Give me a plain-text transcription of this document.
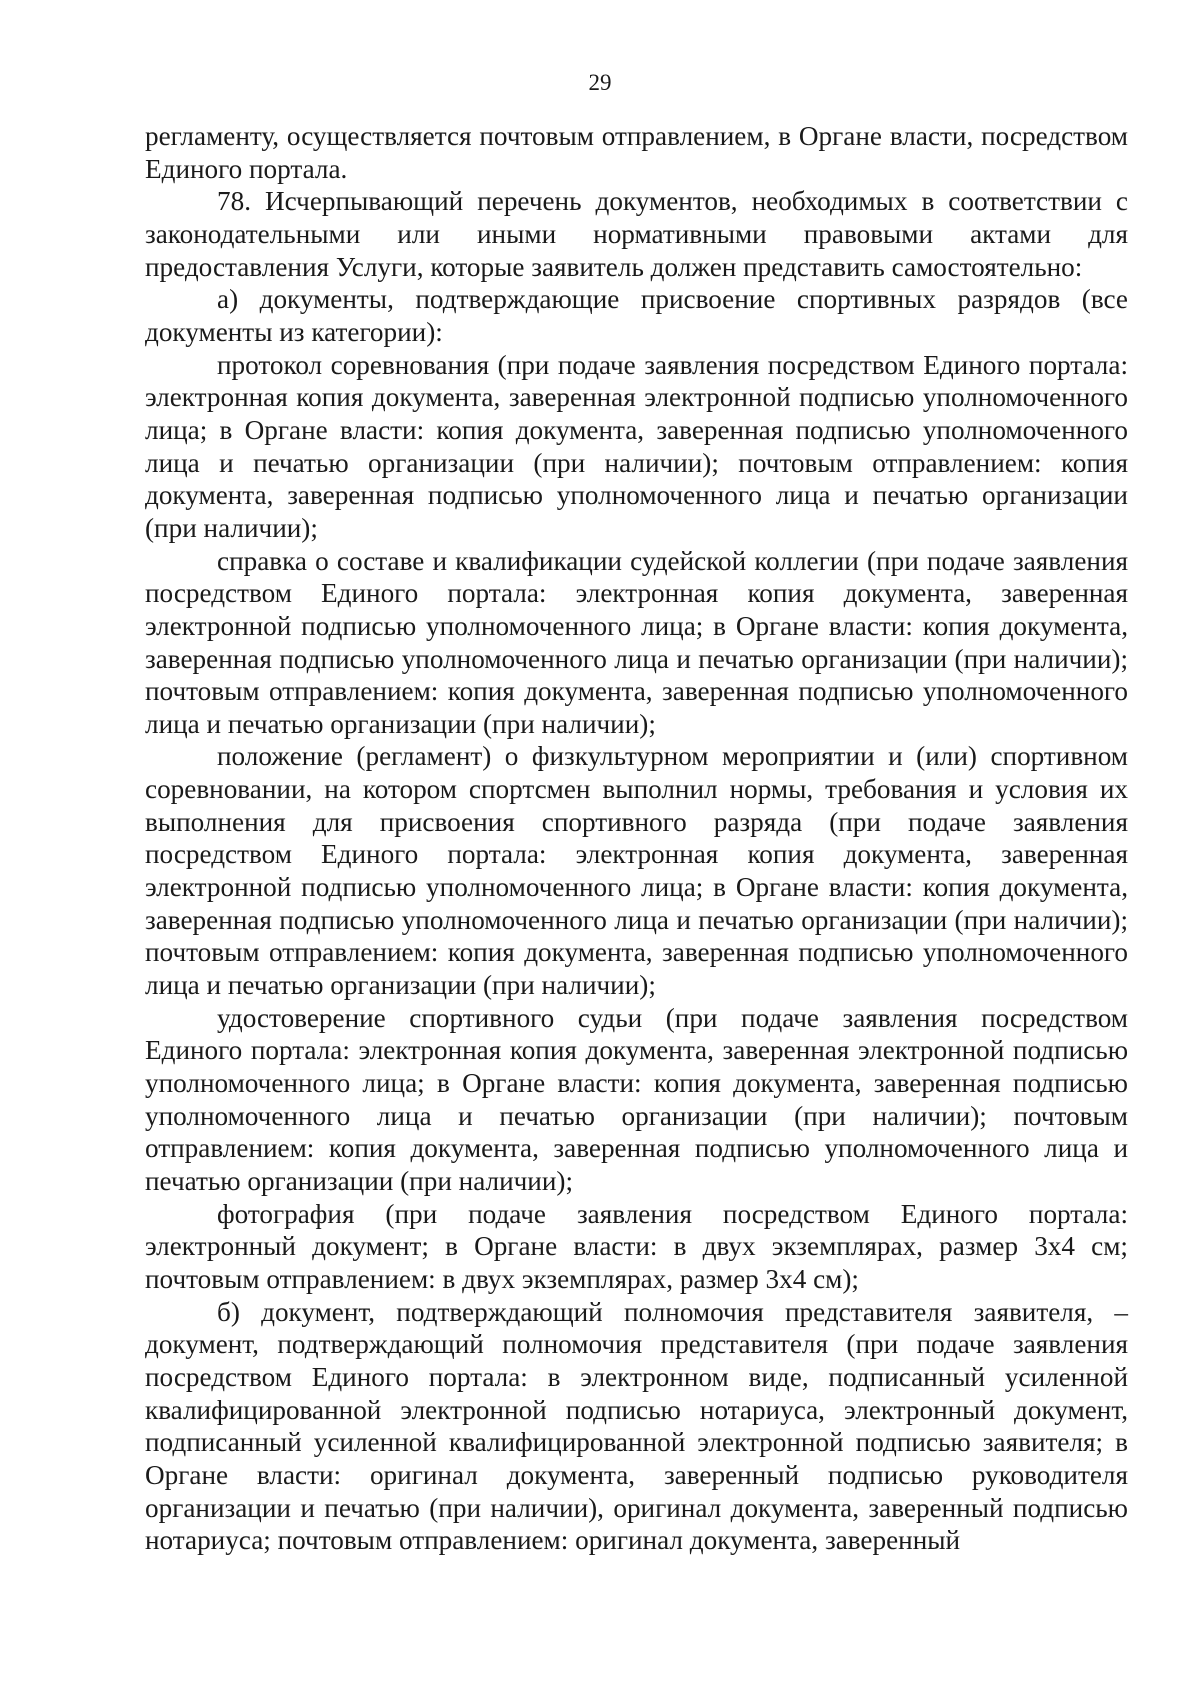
29

регламенту, осуществляется почтовым отправлением, в Органе власти, посредством Единого портала.

78. Исчерпывающий перечень документов, необходимых в соответствии с законодательными или иными нормативными правовыми актами для предоставления Услуги, которые заявитель должен представить самостоятельно:

а) документы, подтверждающие присвоение спортивных разрядов (все документы из категории):

протокол соревнования (при подаче заявления посредством Единого портала: электронная копия документа, заверенная электронной подписью уполномоченного лица; в Органе власти: копия документа, заверенная подписью уполномоченного лица и печатью организации (при наличии); почтовым отправлением: копия документа, заверенная подписью уполномоченного лица и печатью организации (при наличии);

справка о составе и квалификации судейской коллегии (при подаче заявления посредством Единого портала: электронная копия документа, заверенная электронной подписью уполномоченного лица; в Органе власти: копия документа, заверенная подписью уполномоченного лица и печатью организации (при наличии); почтовым отправлением: копия документа, заверенная подписью уполномоченного лица и печатью организации (при наличии);

положение (регламент) о физкультурном мероприятии и (или) спортивном соревновании, на котором спортсмен выполнил нормы, требования и условия их выполнения для присвоения спортивного разряда (при подаче заявления посредством Единого портала: электронная копия документа, заверенная электронной подписью уполномоченного лица; в Органе власти: копия документа, заверенная подписью уполномоченного лица и печатью организации (при наличии); почтовым отправлением: копия документа, заверенная подписью уполномоченного лица и печатью организации (при наличии);

удостоверение спортивного судьи (при подаче заявления посредством Единого портала: электронная копия документа, заверенная электронной подписью уполномоченного лица; в Органе власти: копия документа, заверенная подписью уполномоченного лица и печатью организации (при наличии); почтовым отправлением: копия документа, заверенная подписью уполномоченного лица и печатью организации (при наличии);

фотография (при подаче заявления посредством Единого портала: электронный документ; в Органе власти: в двух экземплярах, размер 3х4 см; почтовым отправлением: в двух экземплярах, размер 3х4 см);

б) документ, подтверждающий полномочия представителя заявителя, – документ, подтверждающий полномочия представителя (при подаче заявления посредством Единого портала: в электронном виде, подписанный усиленной квалифицированной электронной подписью нотариуса, электронный документ, подписанный усиленной квалифицированной электронной подписью заявителя; в Органе власти: оригинал документа, заверенный подписью руководителя организации и печатью (при наличии), оригинал документа, заверенный подписью нотариуса; почтовым отправлением: оригинал документа, заверенный
